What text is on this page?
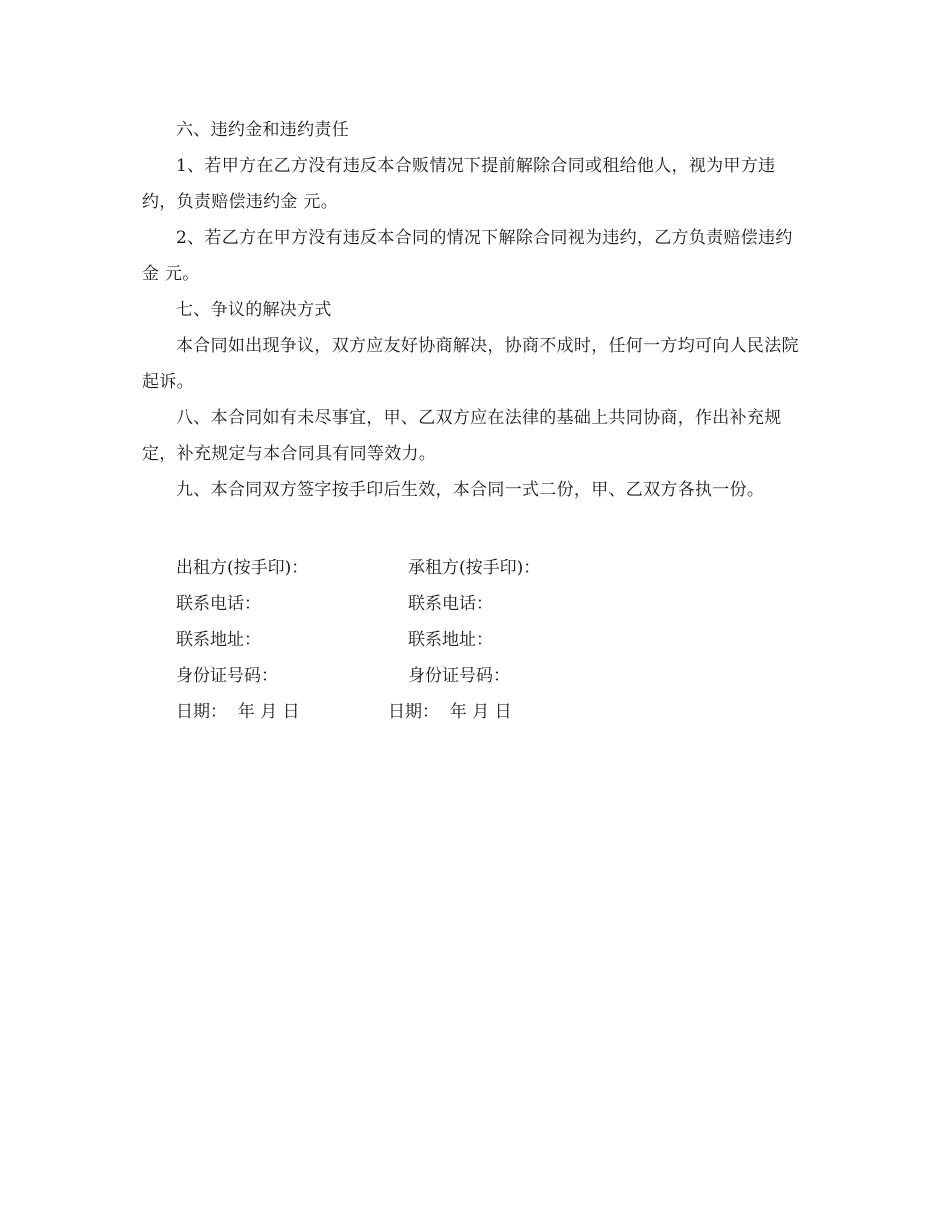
六、违约金和违约责任

1、若甲方在乙方没有违反本合贩情况下提前解除合同或租给他人，视为甲方违约，负责赔偿违约金 元。

2、若乙方在甲方没有违反本合同的情况下解除合同视为违约，乙方负责赔偿违约金 元。

七、争议的解决方式

本合同如出现争议，双方应友好协商解决，协商不成时，任何一方均可向人民法院起诉。

八、本合同如有未尽事宜，甲、乙双方应在法律的基础上共同协商，作出补充规定，补充规定与本合同具有同等效力。

九、本合同双方签字按手印后生效，本合同一式二份，甲、乙双方各执一份。

出租方(按手印)：	承租方(按手印)：
联系电话：	联系电话：
联系地址：	联系地址：
身份证号码：	身份证号码：
日期：  年 月 日	日期：  年 月 日
